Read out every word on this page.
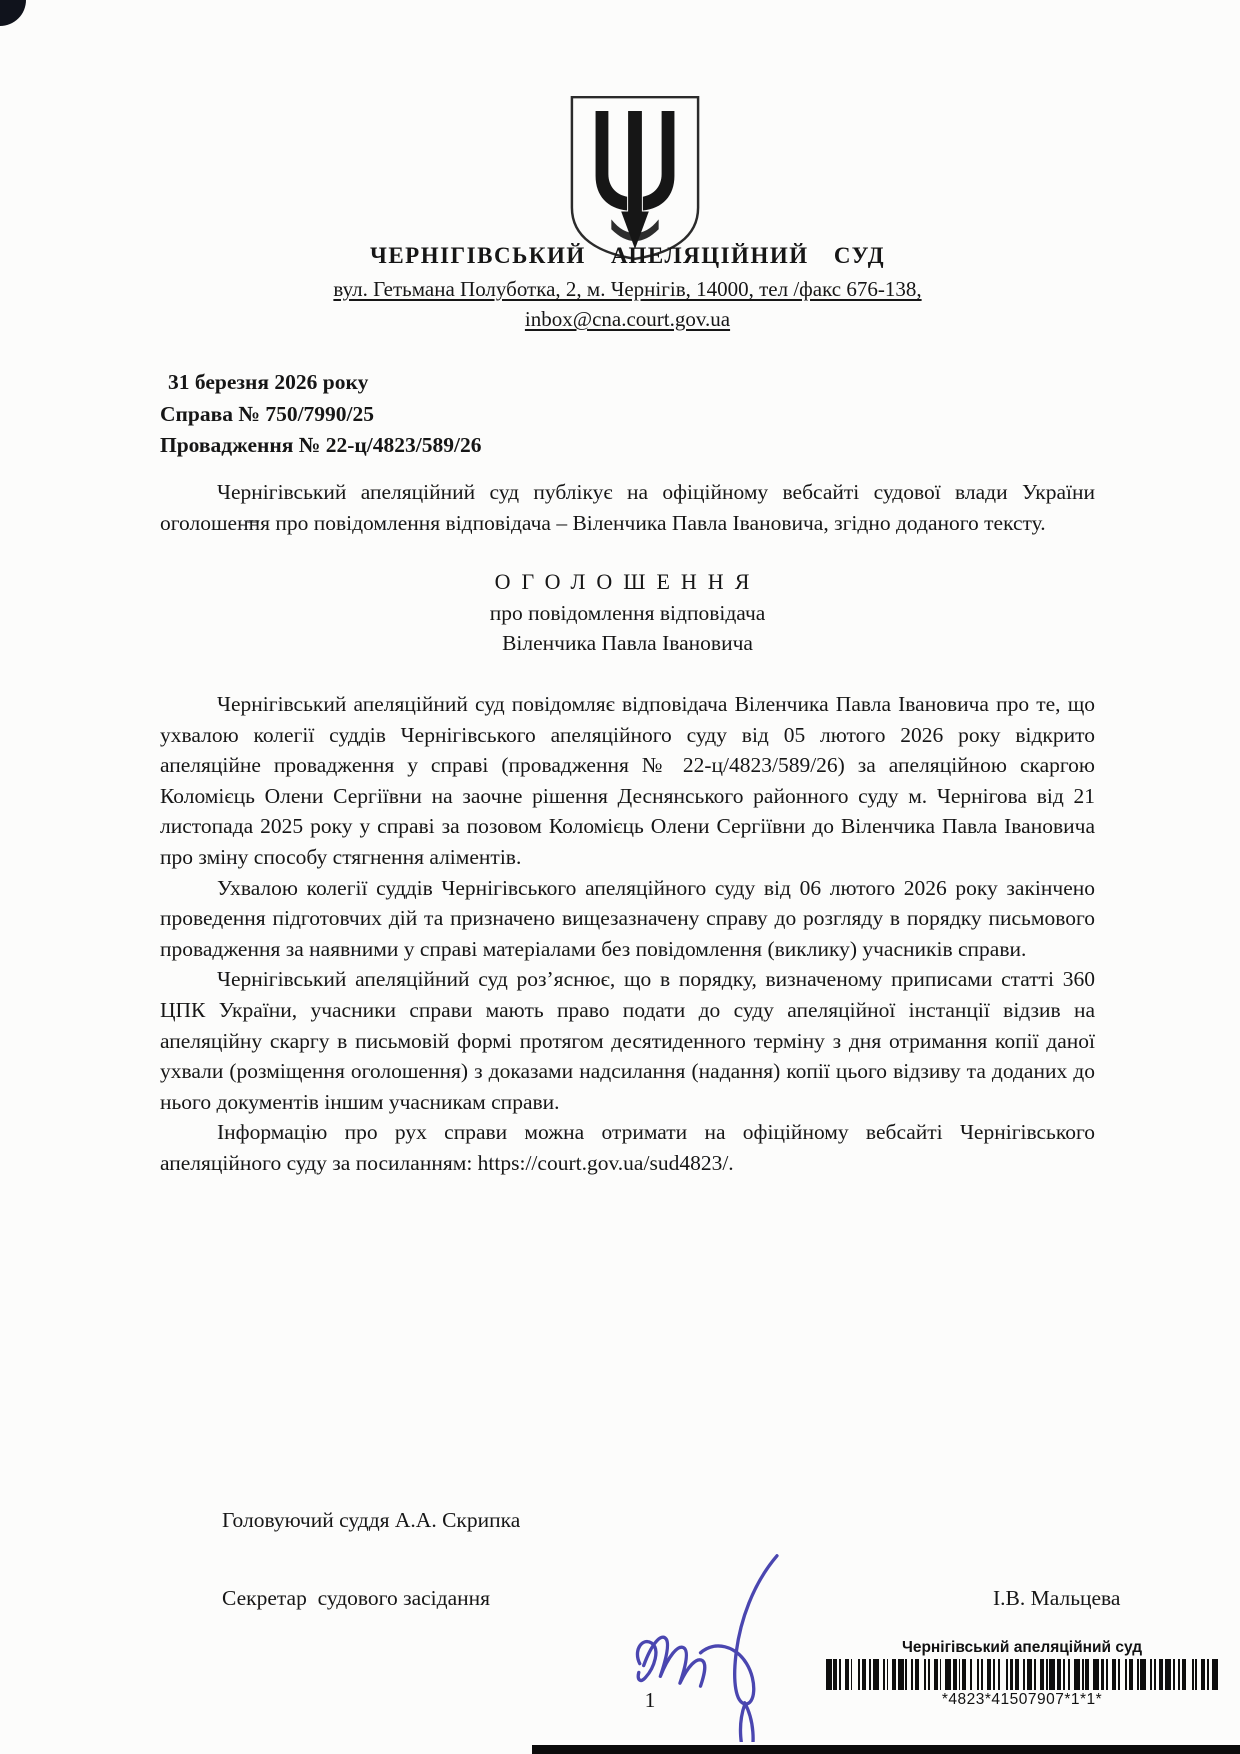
ЧЕРНІГІВСЬКИЙ АПЕЛЯЦІЙНИЙ СУД
вул. Гетьмана Полуботка, 2, м. Чернігів, 14000, тел /факс 676-138,
inbox@cna.court.gov.ua
31 березня 2026 року
Справа № 750/7990/25
Провадження № 22-ц/4823/589/26

Чернігівський апеляційний суд публікує на офіційному вебсайті судової влади України оголошення про повідомлення відповідача – Віленчика Павла Івановича, згідно доданого тексту.

ОГОЛОШЕННЯ
про повідомлення відповідача
Віленчика Павла Івановича

Чернігівський апеляційний суд повідомляє відповідача Віленчика Павла Івановича про те, що ухвалою колегії суддів Чернігівського апеляційного суду від 05 лютого 2026 року відкрито апеляційне провадження у справі (провадження № 22-ц/4823/589/26) за апеляційною скаргою Коломієць Олени Сергіївни на заочне рішення Деснянського районного суду м. Чернігова від 21 листопада 2025 року у справі за позовом Коломієць Олени Сергіївни до Віленчика Павла Івановича про зміну способу стягнення аліментів.

Ухвалою колегії суддів Чернігівського апеляційного суду від 06 лютого 2026 року закінчено проведення підготовчих дій та призначено вищезазначену справу до розгляду в порядку письмового провадження за наявними у справі матеріалами без повідомлення (виклику) учасників справи.

Чернігівський апеляційний суд роз’яснює, що в порядку, визначеному приписами статті 360 ЦПК України, учасники справи мають право подати до суду апеляційної інстанції відзив на апеляційну скаргу в письмовій формі протягом десятиденного терміну з дня отримання копії даної ухвали (розміщення оголошення) з доказами надсилання (надання) копії цього відзиву та доданих до нього документів іншим учасникам справи.

Інформацію про рух справи можна отримати на офіційному вебсайті Чернігівського апеляційного суду за посиланням: https://court.gov.ua/sud4823/.

Головуючий суддя А.А. Скрипка
Секретар  судового засідання	І.В. Мальцева
Чернігівський апеляційний суд
*4823*41507907*1*1*
1
